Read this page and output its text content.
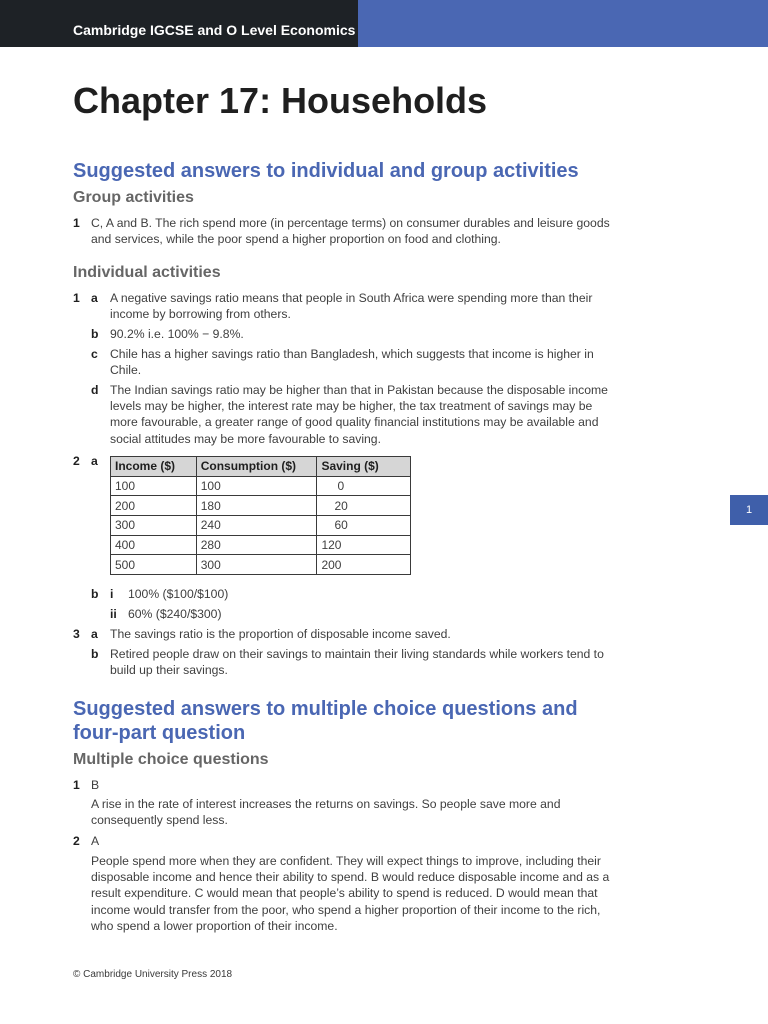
Cambridge IGCSE and O Level Economics
1
Chapter 17: Households
Suggested answers to individual and group activities
Group activities
1 C, A and B. The rich spend more (in percentage terms) on consumer durables and leisure goods and services, while the poor spend a higher proportion on food and clothing.
Individual activities
1 a A negative savings ratio means that people in South Africa were spending more than their income by borrowing from others.
b 90.2% i.e. 100% − 9.8%.
c Chile has a higher savings ratio than Bangladesh, which suggests that income is higher in Chile.
d The Indian savings ratio may be higher than that in Pakistan because the disposable income levels may be higher, the interest rate may be higher, the tax treatment of savings may be more favourable, a greater range of good quality financial institutions may be available and social attitudes may be more favourable to saving.
2 a Income ($)	Consumption ($)	Saving ($)
100	100	0
200	180	20
300	240	60
400	280	120
500	300	200
b i 100% ($100/$100)
ii 60% ($240/$300)
3 a The savings ratio is the proportion of disposable income saved.
b Retired people draw on their savings to maintain their living standards while workers tend to build up their savings.
Suggested answers to multiple choice questions and four-part question
Multiple choice questions
1 B
A rise in the rate of interest increases the returns on savings. So people save more and consequently spend less.
2 A
People spend more when they are confident. They will expect things to improve, including their disposable income and hence their ability to spend. B would reduce disposable income and as a result expenditure. C would mean that people’s ability to spend is reduced. D would mean that income would transfer from the poor, who spend a higher proportion of their income to the rich, who spend a lower proportion of their income.
© Cambridge University Press 2018
